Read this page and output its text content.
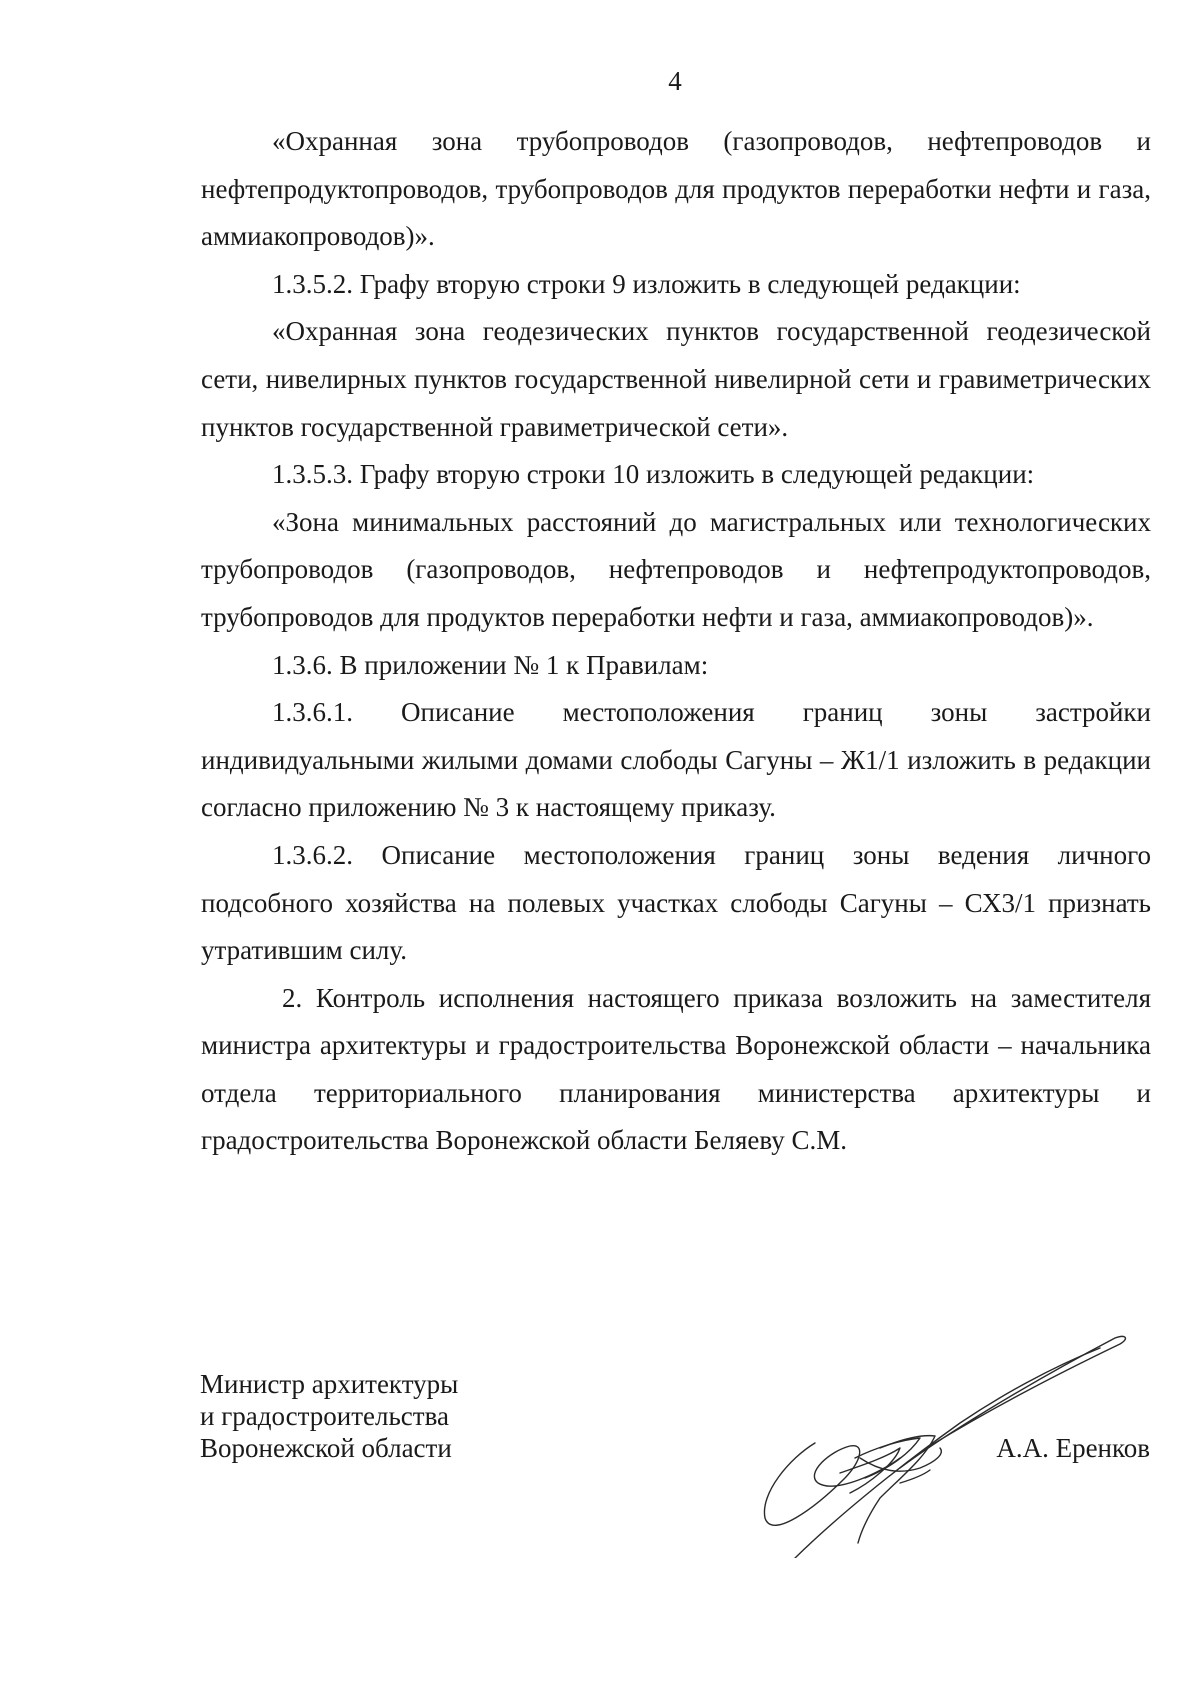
4

«Охранная зона трубопроводов (газопроводов, нефтепроводов и нефтепродуктопроводов, трубопроводов для продуктов переработки нефти и газа, аммиакопроводов)».

1.3.5.2. Графу вторую строки 9 изложить в следующей редакции:

«Охранная зона геодезических пунктов государственной геодезической сети, нивелирных пунктов государственной нивелирной сети и гравиметрических пунктов государственной гравиметрической сети».

1.3.5.3. Графу вторую строки 10 изложить в следующей редакции:

«Зона минимальных расстояний до магистральных или технологических трубопроводов (газопроводов, нефтепроводов и нефтепродуктопроводов, трубопроводов для продуктов переработки нефти и газа, аммиакопроводов)».

1.3.6. В приложении № 1 к Правилам:

1.3.6.1. Описание местоположения границ зоны застройки индивидуальными жилыми домами слободы Сагуны – Ж1/1 изложить в редакции согласно приложению № 3 к настоящему приказу.

1.3.6.2. Описание местоположения границ зоны ведения личного подсобного хозяйства на полевых участках слободы Сагуны – СХ3/1 признать утратившим силу.

2. Контроль исполнения настоящего приказа возложить на заместителя министра архитектуры и градостроительства Воронежской области – начальника отдела территориального планирования министерства архитектуры и градостроительства Воронежской области Беляеву С.М.

Министр архитектуры
и градостроительства
Воронежской области	А.А. Еренков
